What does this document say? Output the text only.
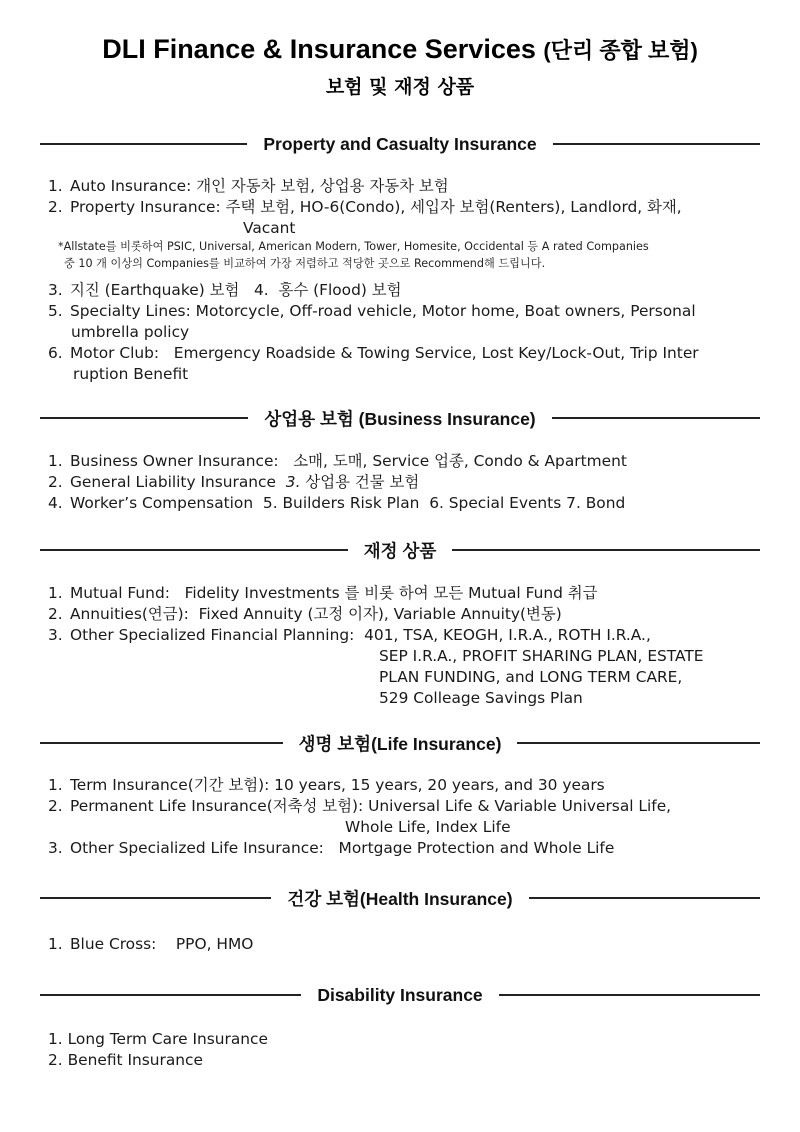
DLI Finance & Insurance Services (단리 종합 보험)
보험 및 재정 상품
Property and Casualty Insurance
1. Auto Insurance: 개인 자동차 보험, 상업용 자동차 보험
2. Property Insurance: 주택 보험, HO-6(Condo), 세입자 보험(Renters), Landlord, 화재,
Vacant
*Allstate를 비롯하여 PSIC, Universal, American Modern, Tower, Homesite, Occidental 등 A rated Companies
중 10 개 이상의 Companies를 비교하여 가장 저렴하고 적당한 곳으로 Recommend해 드립니다.
3. 지진 (Earthquake) 보험 4. 홍수 (Flood) 보험
5. Specialty Lines: Motorcycle, Off-road vehicle, Motor home, Boat owners, Personal
umbrella policy
6. Motor Club: Emergency Roadside & Towing Service, Lost Key/Lock-Out, Trip Inter
ruption Benefit
상업용 보험 (Business Insurance)
1. Business Owner Insurance: 소매, 도매, Service 업종, Condo & Apartment
2. General Liability Insurance 3. 상업용 건물 보험
4. Worker’s Compensation 5. Builders Risk Plan 6. Special Events 7. Bond
재정 상품
1. Mutual Fund: Fidelity Investments 를 비롯 하여 모든 Mutual Fund 취급
2. Annuities(연금): Fixed Annuity (고정 이자), Variable Annuity(변동)
3. Other Specialized Financial Planning: 401, TSA, KEOGH, I.R.A., ROTH I.R.A.,
SEP I.R.A., PROFIT SHARING PLAN, ESTATE
PLAN FUNDING, and LONG TERM CARE,
529 Colleage Savings Plan
생명 보험(Life Insurance)
1. Term Insurance(기간 보험): 10 years, 15 years, 20 years, and 30 years
2. Permanent Life Insurance(저축성 보험): Universal Life & Variable Universal Life,
Whole Life, Index Life
3. Other Specialized Life Insurance: Mortgage Protection and Whole Life
건강 보험(Health Insurance)
1. Blue Cross: PPO, HMO
Disability Insurance
1. Long Term Care Insurance
2. Benefit Insurance
